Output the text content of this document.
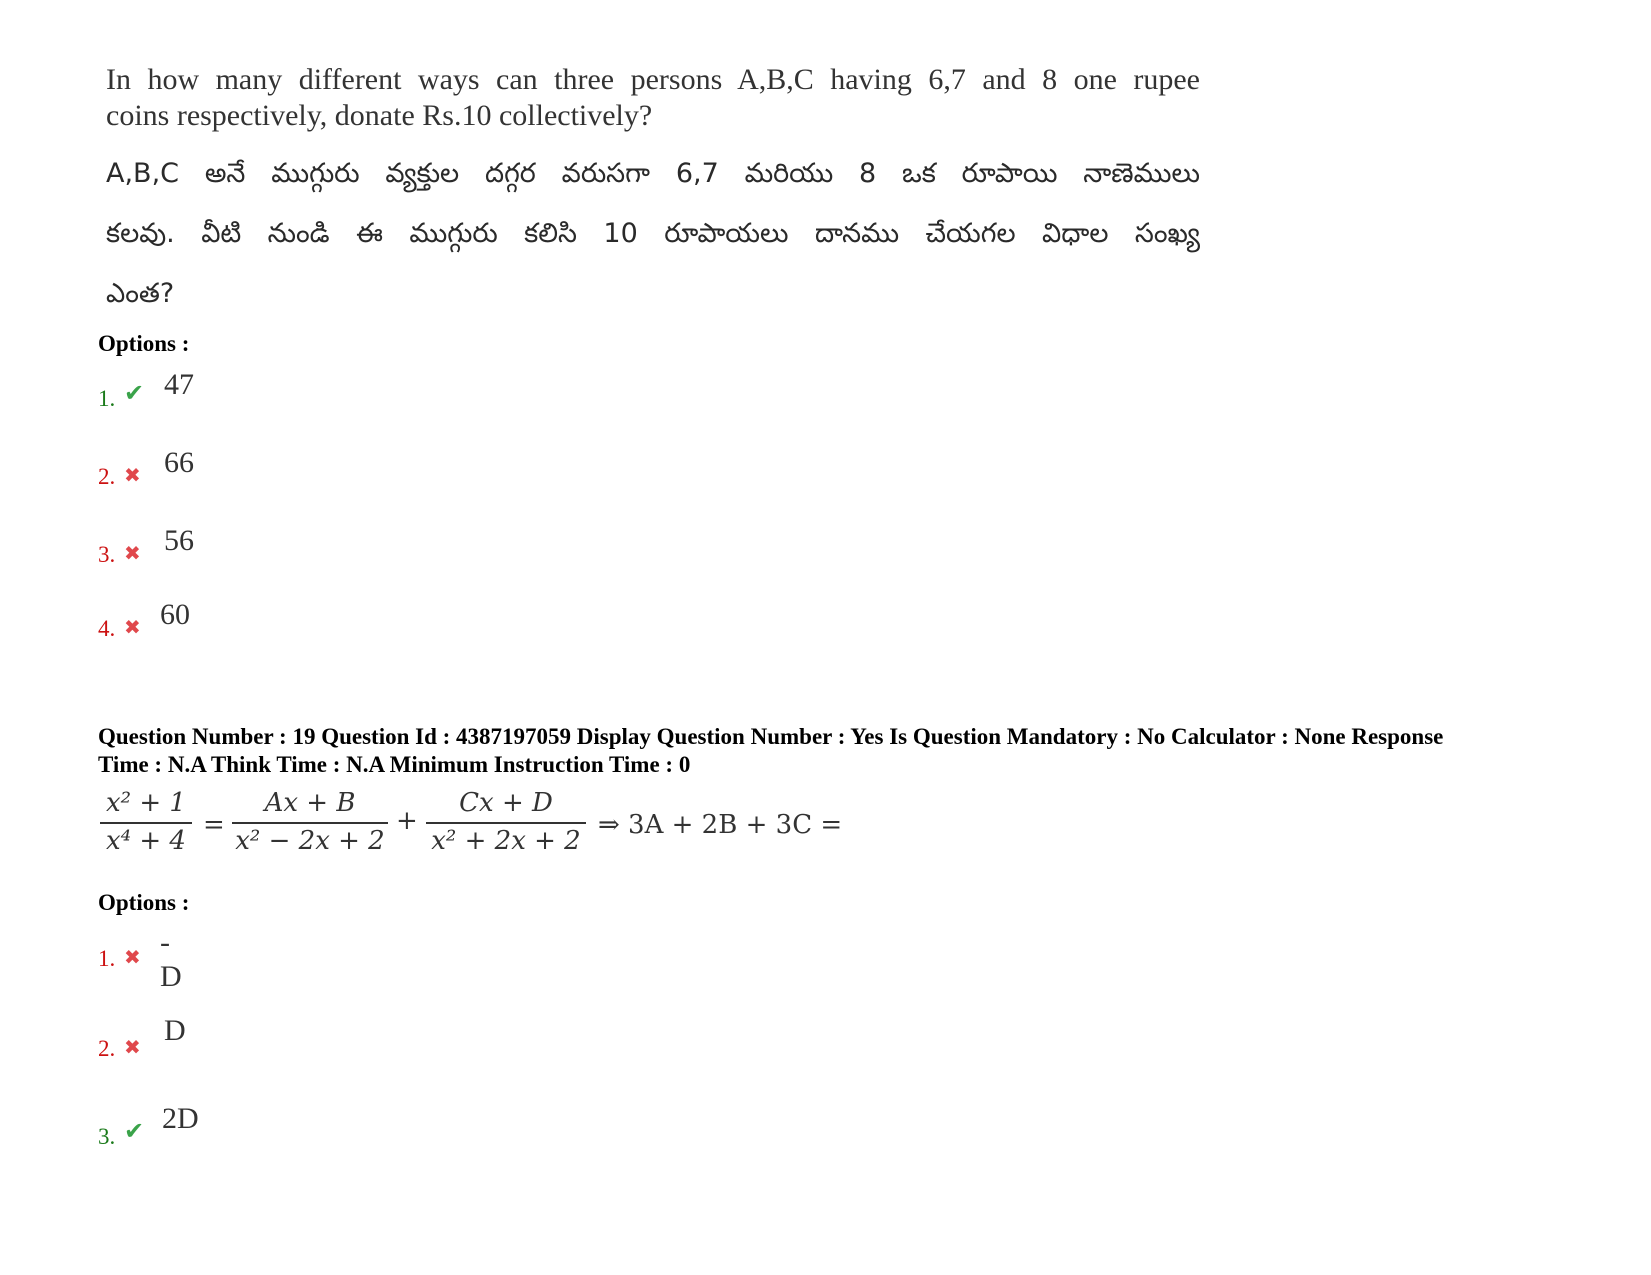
In how many different ways can three persons A,B,C having 6,7 and 8 one rupee

coins respectively, donate Rs.10 collectively?

A,B,C అనే ముగ్గురు వ్యక్తుల దగ్గర వరుసగా 6,7 మరియు 8 ఒక రూపాయి నాణెములు

కలవు. వీటి నుండి ఈ ముగ్గురు కలిసి 10 రూపాయలు దానము చేయగల విధాల సంఖ్య

ఎంత?

Options :
1. ✔ 47
2. ✖ 66
3. ✖ 56
4. ✖ 60

Question Number : 19 Question Id : 4387197059 Display Question Number : Yes Is Question Mandatory : No Calculator : None Response

Time : N.A Think Time : N.A Minimum Instruction Time : 0

x² + 1
x⁴ + 4
=
Ax + B
x² − 2x + 2
+
Cx + D
x² + 2x + 2
⇒ 3A + 2B + 3C =
Options :
1. ✖ -D
2. ✖
D
3. ✔ 2D
